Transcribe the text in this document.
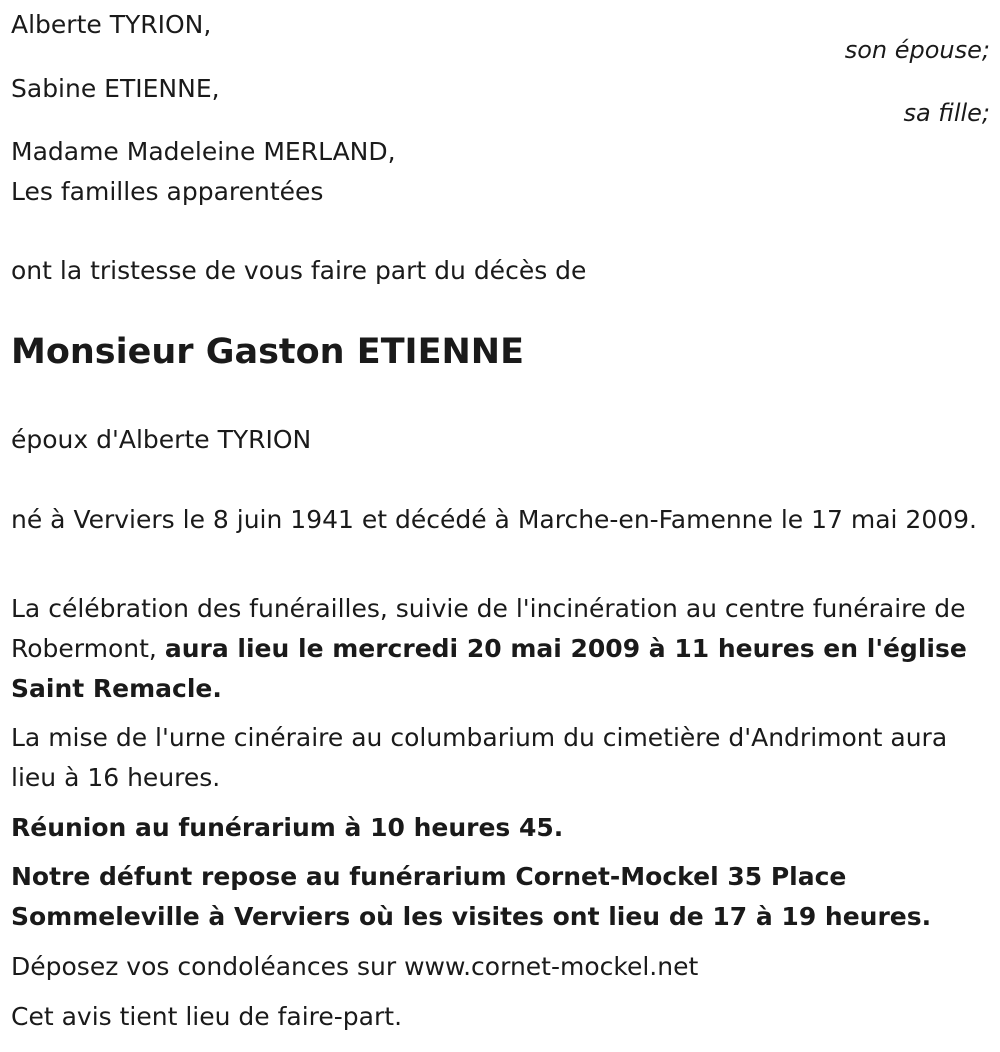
Alberte TYRION,
son épouse;
Sabine ETIENNE,
sa fille;
Madame Madeleine MERLAND,
Les familles apparentées
ont la tristesse de vous faire part du décès de
Monsieur Gaston ETIENNE
époux d'Alberte TYRION
né à Verviers le 8 juin 1941 et décédé à Marche-en-Famenne le 17 mai 2009.
La célébration des funérailles, suivie de l'incinération au centre funéraire de Robermont, aura lieu le mercredi 20 mai 2009 à 11 heures en l'église Saint Remacle.
La mise de l'urne cinéraire au columbarium du cimetière d'Andrimont aura lieu à 16 heures.
Réunion au funérarium à 10 heures 45.
Notre défunt repose au funérarium Cornet-Mockel 35 Place Sommeleville à Verviers où les visites ont lieu de 17 à 19 heures.
Déposez vos condoléances sur www.cornet-mockel.net
Cet avis tient lieu de faire-part.
